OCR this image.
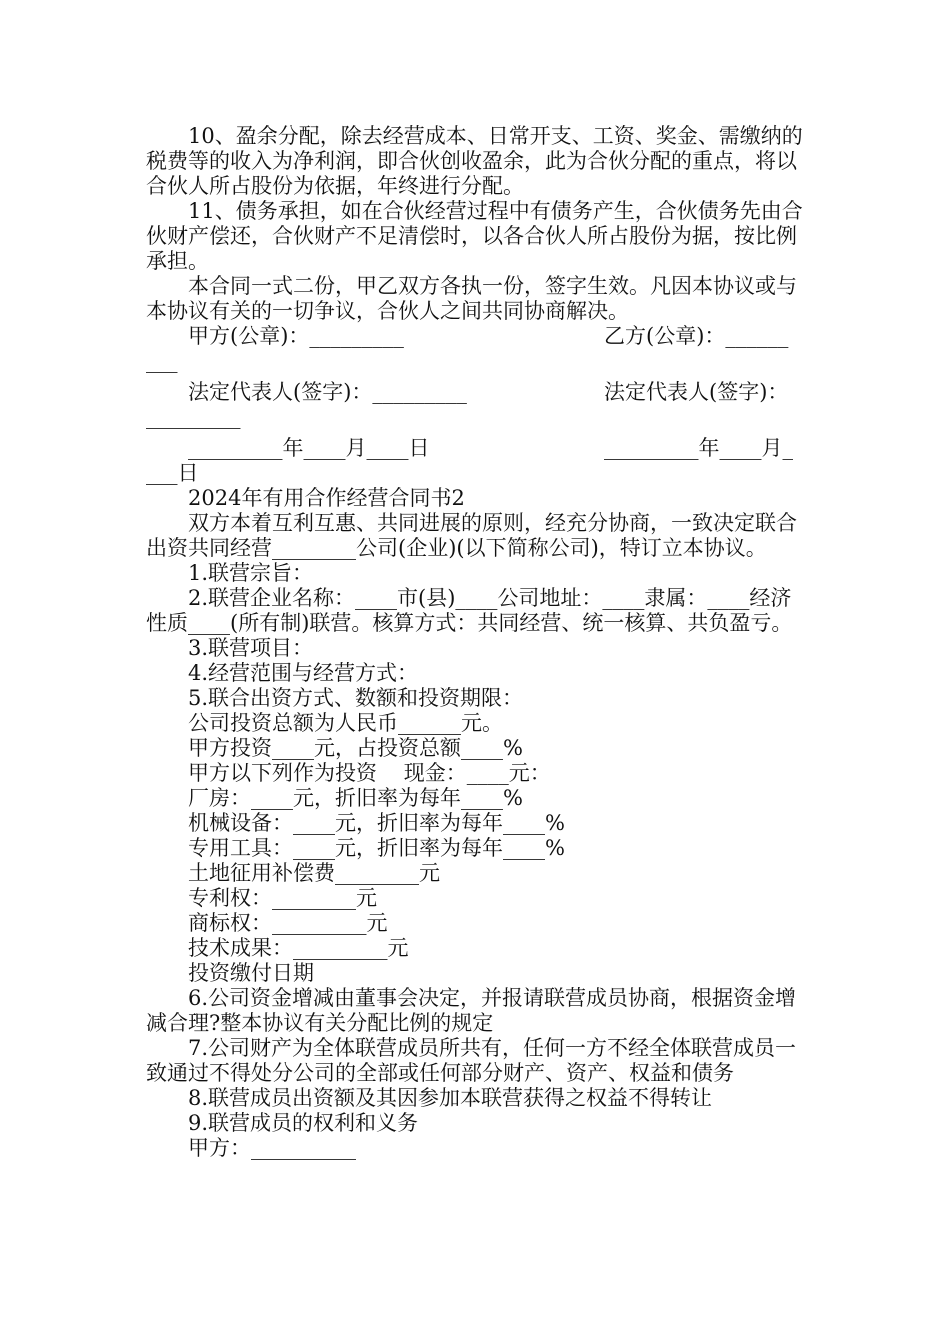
10、盈余分配，除去经营成本、日常开支、工资、奖金、需缴纳的税费等的收入为净利润，即合伙创收盈余，此为合伙分配的重点，将以合伙人所占股份为依据，年终进行分配。

11、债务承担，如在合伙经营过程中有债务产生，合伙债务先由合伙财产偿还，合伙财产不足清偿时，以各合伙人所占股份为据，按比例承担。

本合同一式二份，甲乙双方各执一份，签字生效。凡因本协议或与本协议有关的一切争议，合伙人之间共同协商解决。

甲方(公章)：_________	乙方(公章)：______

___

法定代表人(签字)：_________	法定代表人(签字)：

_________

_________年____月____日	_________年____月_

___日

2024年有用合作经营合同书2

双方本着互利互惠、共同进展的原则，经充分协商，一致决定联合出资共同经营________公司(企业)(以下简称公司)，特订立本协议。

1.联营宗旨：

2.联营企业名称：____市(县)____公司地址：____隶属：____经济性质____(所有制)联营。核算方式：共同经营、统一核算、共负盈亏。

3.联营项目：

4.经营范围与经营方式：

5.联合出资方式、数额和投资期限：

公司投资总额为人民币______元。

甲方投资____元，占投资总额____%

甲方以下列作为投资    现金：____元：

厂房：____元，折旧率为每年____%

机械设备：____元，折旧率为每年____%

专用工具：____元，折旧率为每年____%

土地征用补偿费________元

专利权：________元

商标权：_________元

技术成果：_________元

投资缴付日期

6.公司资金增减由董事会决定，并报请联营成员协商，根据资金增减合理?整本协议有关分配比例的规定

7.公司财产为全体联营成员所共有，任何一方不经全体联营成员一致通过不得处分公司的全部或任何部分财产、资产、权益和债务

8.联营成员出资额及其因参加本联营获得之权益不得转让

9.联营成员的权利和义务

甲方：__________
